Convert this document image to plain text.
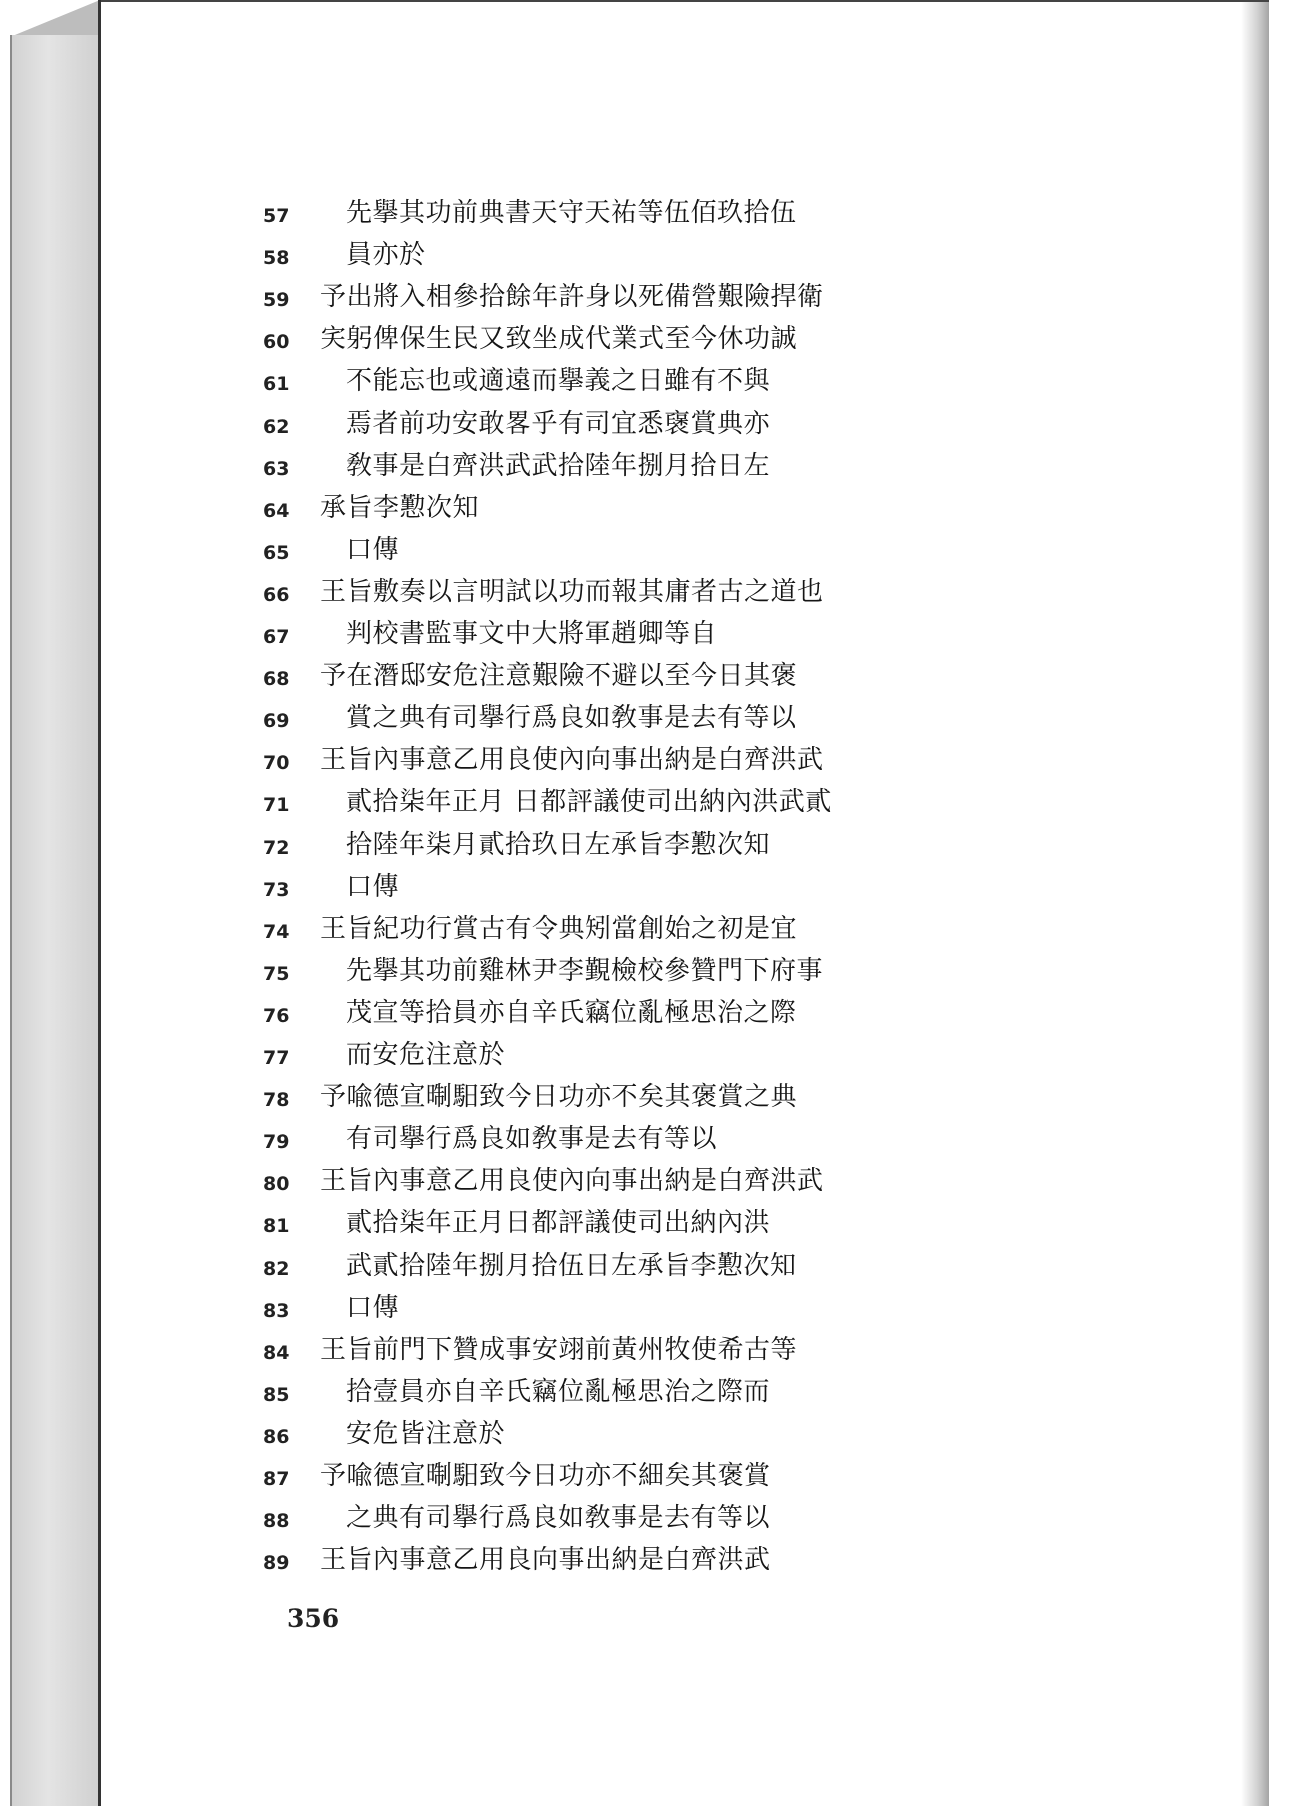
57	先擧其功前典書天守天祐等伍佰玖拾伍
58	員亦於
59	予出將入相參拾餘年許身以死備營艱險捍衛
60	宎躬俾保生民又致坐成代業式至今休功誠
61	不能忘也或適遠而擧義之日雖有不與
62	焉者前功安敢畧乎有司宜悉襃賞典亦
63	敎事是白齊洪武武拾陸年捌月拾日左
64	承旨李懃次知
65	口傳
66	王旨敷奏以言明試以功而報其庸者古之道也
67	判校書監事文中大將軍趙卿等自
68	予在潛邸安危注意艱險不避以至今日其褒
69	賞之典有司擧行爲良如敎事是去有等以
70	王旨內事意乙用良使內向事出納是白齊洪武
71	貳拾柒年正月 日都評議使司出納內洪武貳
72	拾陸年柒月貳拾玖日左承旨李懃次知
73	口傳
74	王旨紀功行賞古有令典矧當創始之初是宜
75	先擧其功前雞林尹李覲檢校參贊門下府事
76	茂宣等拾員亦自辛氏竊位亂極思治之際
77	而安危注意於
78	予喩德宣㫼馹致今日功亦不矣其褒賞之典
79	有司擧行爲良如敎事是去有等以
80	王旨內事意乙用良使內向事出納是白齊洪武
81	貳拾柒年正月日都評議使司出納內洪
82	武貳拾陸年捌月拾伍日左承旨李懃次知
83	口傳
84	王旨前門下贊成事安翊前黃州牧使希古等
85	拾壹員亦自辛氏竊位亂極思治之際而
86	安危皆注意於
87	予喩德宣㫼馹致今日功亦不細矣其褒賞
88	之典有司擧行爲良如敎事是去有等以
89	王旨內事意乙用良向事出納是白齊洪武
356
